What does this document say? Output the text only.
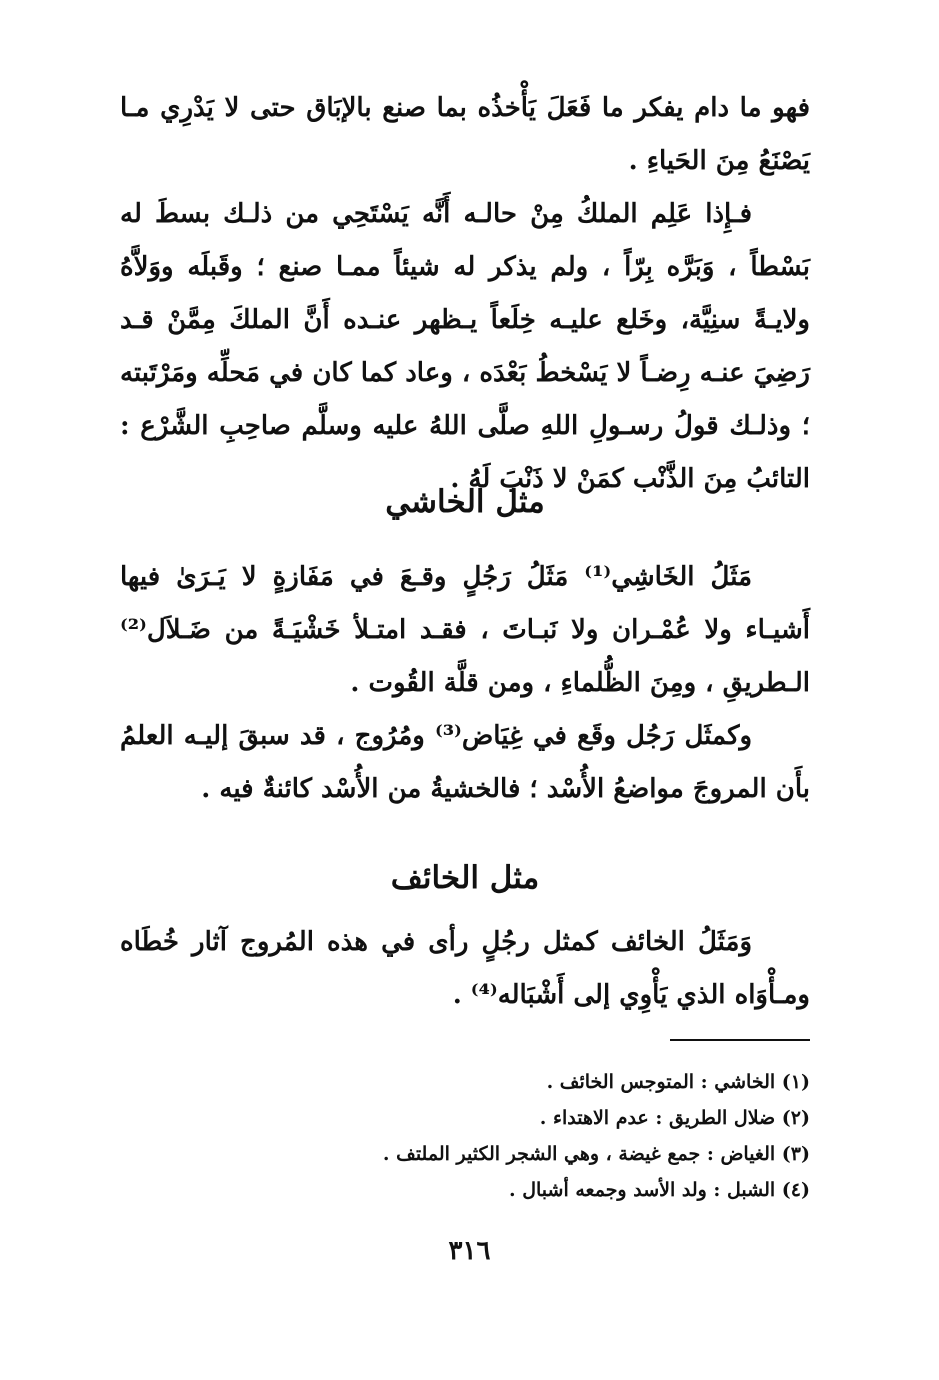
فهو ما دام يفكر ما فَعَلَ يَأْخذُه بما صنع بالإبَاق حتى لا يَدْرِي مـا يَصْنَعُ مِنَ الحَياءِ .

فـإِذا عَلِم الملكُ مِنْ حالـه أَنَّه يَسْتَحِي من ذلـك بسطَ له بَسْطاً ، وَبَرَّه بِرّاً ، ولم يذكر له شيئاً ممـا صنع ؛ وقَبلَه ووَلاَّهُ ولايـةً سنِيَّة، وخَلع عليـه خِلَعاً يـظهر عنـده أَنَّ الملكَ مِمَّنْ قـد رَضِيَ عنـه رِضـاً لا يَسْخطُ بَعْدَه ، وعاد كما كان في مَحلِّه ومَرْتَبته ؛ وذلـك قولُ رسـولِ اللهِ صلَّى اللهُ عليه وسلَّم صاحِبِ الشَّرْع : التائبُ مِنَ الذَّنْب كمَنْ لا ذَنْبَ لَهُ .

مثل الخاشي

مَثَلُ الخَاشِي⁽¹⁾ مَثَلُ رَجُلٍ وقـعَ في مَفَازةٍ لا يَـرَىٰ فيها أَشيـاء ولا عُمْـران ولا نَبـاتَ ، فقـد امتـلأ خَشْيَـةً من ضَـلاَل⁽²⁾ الـطريقِ ، ومِنَ الظُّلماءِ ، ومن قلَّة القُوت .

وكمثَل رَجُل وقَع في غِيَاض⁽³⁾ ومُرُوج ، قد سبقَ إليـه العلمُ بأَن المروجَ مواضعُ الأُسْد ؛ فالخشيةُ من الأُسْد كائنةٌ فيه .

مثل الخائف

وَمَثَلُ الخائف كمثل رجُلٍ رأى في هذه المُروج آثار خُطَاه ومـأْوَاه الذي يَأْوِي إلى أَشْبَاله⁽⁴⁾ .

(١) الخاشي : المتوجس الخائف .
(٢) ضلال الطريق : عدم الاهتداء .
(٣) الغياض : جمع غيضة ، وهي الشجر الكثير الملتف .
(٤) الشبل : ولد الأسد وجمعه أشبال .
٣١٦
